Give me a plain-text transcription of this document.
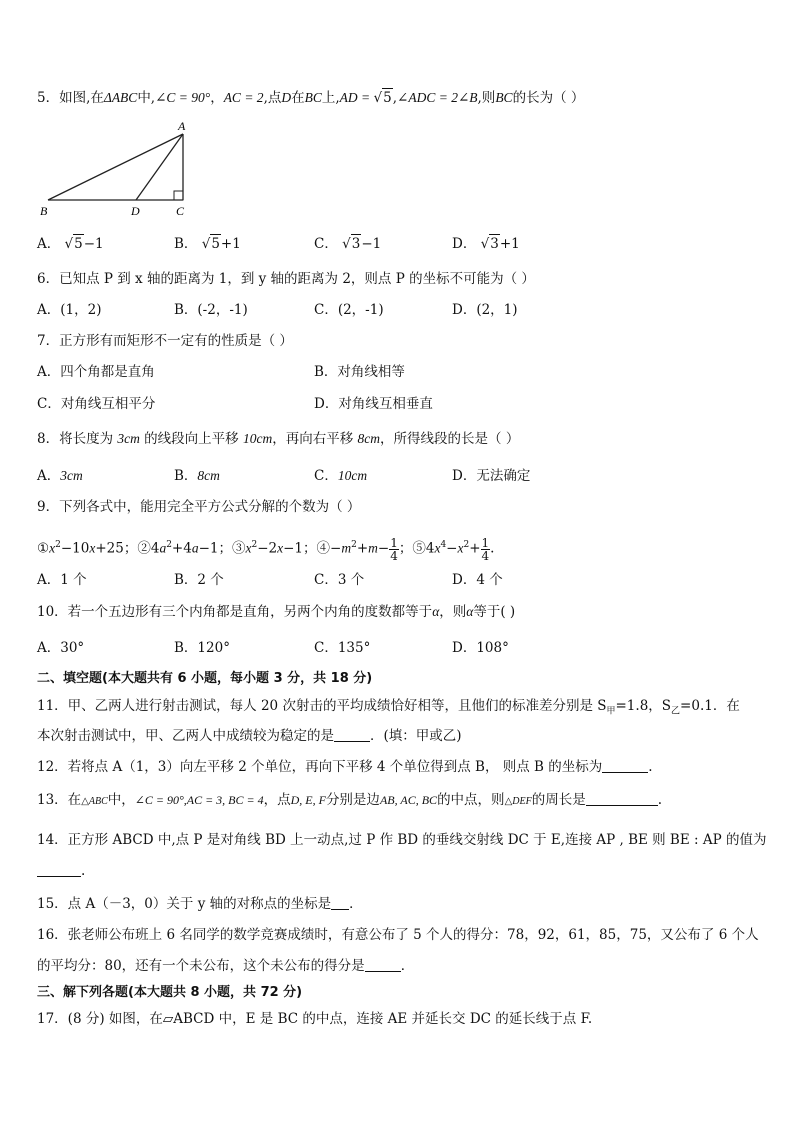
5．如图,在ΔABC中,∠C = 90°，AC = 2,点D在BC上,AD = √5,∠ADC = 2∠B,则BC的长为（ ）
A
B	D	C
A． √5−1	B． √5+1	C． √3−1	D． √3+1
6．已知点 P 到 x 轴的距离为 1，到 y 轴的距离为 2，则点 P 的坐标不可能为（ ）
A．(1，2)	B．(-2，-1)	C．(2，-1)	D．(2，1)
7．正方形有而矩形不一定有的性质是（ ）
A．四个角都是直角	B．对角线相等
C．对角线互相平分	D．对角线互相垂直
8．将长度为 3cm 的线段向上平移 10cm，再向右平移 8cm，所得线段的长是（ ）
A．3cm	B．8cm	C．10cm	D．无法确定
9．下列各式中，能用完全平方公式分解的个数为（ ）
$①x^2-10x+25$；$②4a^2+4a-1$；$③x^2-2x-1$；$④-m^2+m- \frac{1}{4}$ ；$⑤4x^4-x^2+ \frac{1}{4}$ .
A．1 个	B．2 个	C．3 个	D．4 个
10．若一个五边形有三个内角都是直角，另两个内角的度数都等于α，则α等于( )
A．30°	B．120°	C．135°	D．108°
二、填空题(本大题共有 6 小题，每小题 3 分，共 18 分)
11．甲、乙两人进行射击测试，每人 20 次射击的平均成绩恰好相等，且他们的标准差分别是 $S_甲=1.8$，$S_乙=0.1$．在
本次射击测试中，甲、乙两人中成绩较为稳定的是	．(填：甲或乙)
12．若将点 A（1，3）向左平移 2 个单位，再向下平移 4 个单位得到点 B， 则点 B 的坐标为	.
13．在△ABC中，∠C = 90°,AC = 3, BC = 4，点D, E, F分别是边AB, AC, BC的中点，则△DEF的周长是	.
14．正方形 ABCD 中,点 P 是对角线 BD 上一动点,过 P 作 BD 的垂线交射线 DC 于 E,连接 AP , BE 则 BE : AP 的值为
.
15．点 A（－3，0）关于 y 轴的对称点的坐标是 ．
16．张老师公布班上 6 名同学的数学竞赛成绩时，有意公布了 5 个人的得分：78，92，61，85，75，又公布了 6 个人
的平均分：80，还有一个未公布，这个未公布的得分是	．
三、解下列各题(本大题共 8 小题，共 72 分)
17．(8 分) 如图，在▱ABCD 中，E 是 BC 的中点，连接 AE 并延长交 DC 的延长线于点 F.
